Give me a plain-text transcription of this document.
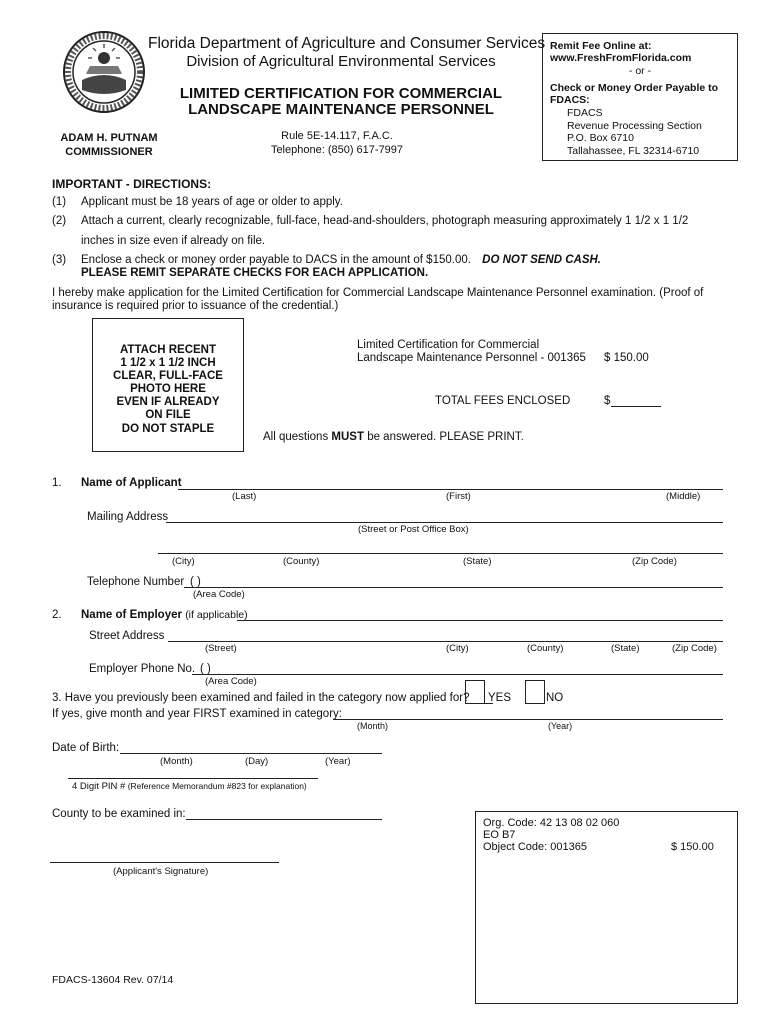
Florida Department of Agriculture and Consumer Services
Division of Agricultural Environmental Services
LIMITED CERTIFICATION FOR COMMERCIAL
LANDSCAPE MAINTENANCE PERSONNEL
ADAM H. PUTNAM
COMMISSIONER
Rule 5E-14.117, F.A.C.
Telephone: (850) 617-7997
Remit Fee Online at:
www.FreshFromFlorida.com
- or -
Check or Money Order Payable to
FDACS:
FDACS
Revenue Processing Section
P.O. Box 6710
Tallahassee, FL 32314-6710
IMPORTANT - DIRECTIONS:
(1) Applicant must be 18 years of age or older to apply.
(2) Attach a current, clearly recognizable, full-face, head-and-shoulders, photograph measuring approximately 1 1/2 x 1 1/2
inches in size even if already on file.
(3) Enclose a check or money order payable to DACS in the amount of $150.00. DO NOT SEND CASH.
PLEASE REMIT SEPARATE CHECKS FOR EACH APPLICATION.
I hereby make application for the Limited Certification for Commercial Landscape Maintenance Personnel examination. (Proof of
insurance is required prior to issuance of the credential.)
ATTACH RECENT
1 1/2 x 1 1/2 INCH
CLEAR, FULL-FACE
PHOTO HERE
EVEN IF ALREADY
ON FILE
DO NOT STAPLE
Limited Certification for Commercial
Landscape Maintenance Personnel - 001365 $ 150.00
TOTAL FEES ENCLOSED	$
All questions MUST be answered. PLEASE PRINT.
1. Name of Applicant
(Last)	(First)	(Middle)
Mailing Address
(Street or Post Office Box)
(City)	(County)	(State)	(Zip Code)
Telephone Number ( )
(Area Code)
2. Name of Employer (if applicable)
Street Address
(Street)	(City)	(County)	(State)	(Zip Code)
Employer Phone No. ( )
(Area Code)
3. Have you previously been examined and failed in the category now applied for? YES	NO
If yes, give month and year FIRST examined in category:
(Month)	(Year)
Date of Birth:
(Month)	(Day)	(Year)
4 Digit PIN # (Reference Memorandum #823 for explanation)
County to be examined in:
(Applicant's Signature)
Org. Code: 42 13 08 02 060
EO B7
Object Code: 001365	$ 150.00
FDACS-13604 Rev. 07/14
